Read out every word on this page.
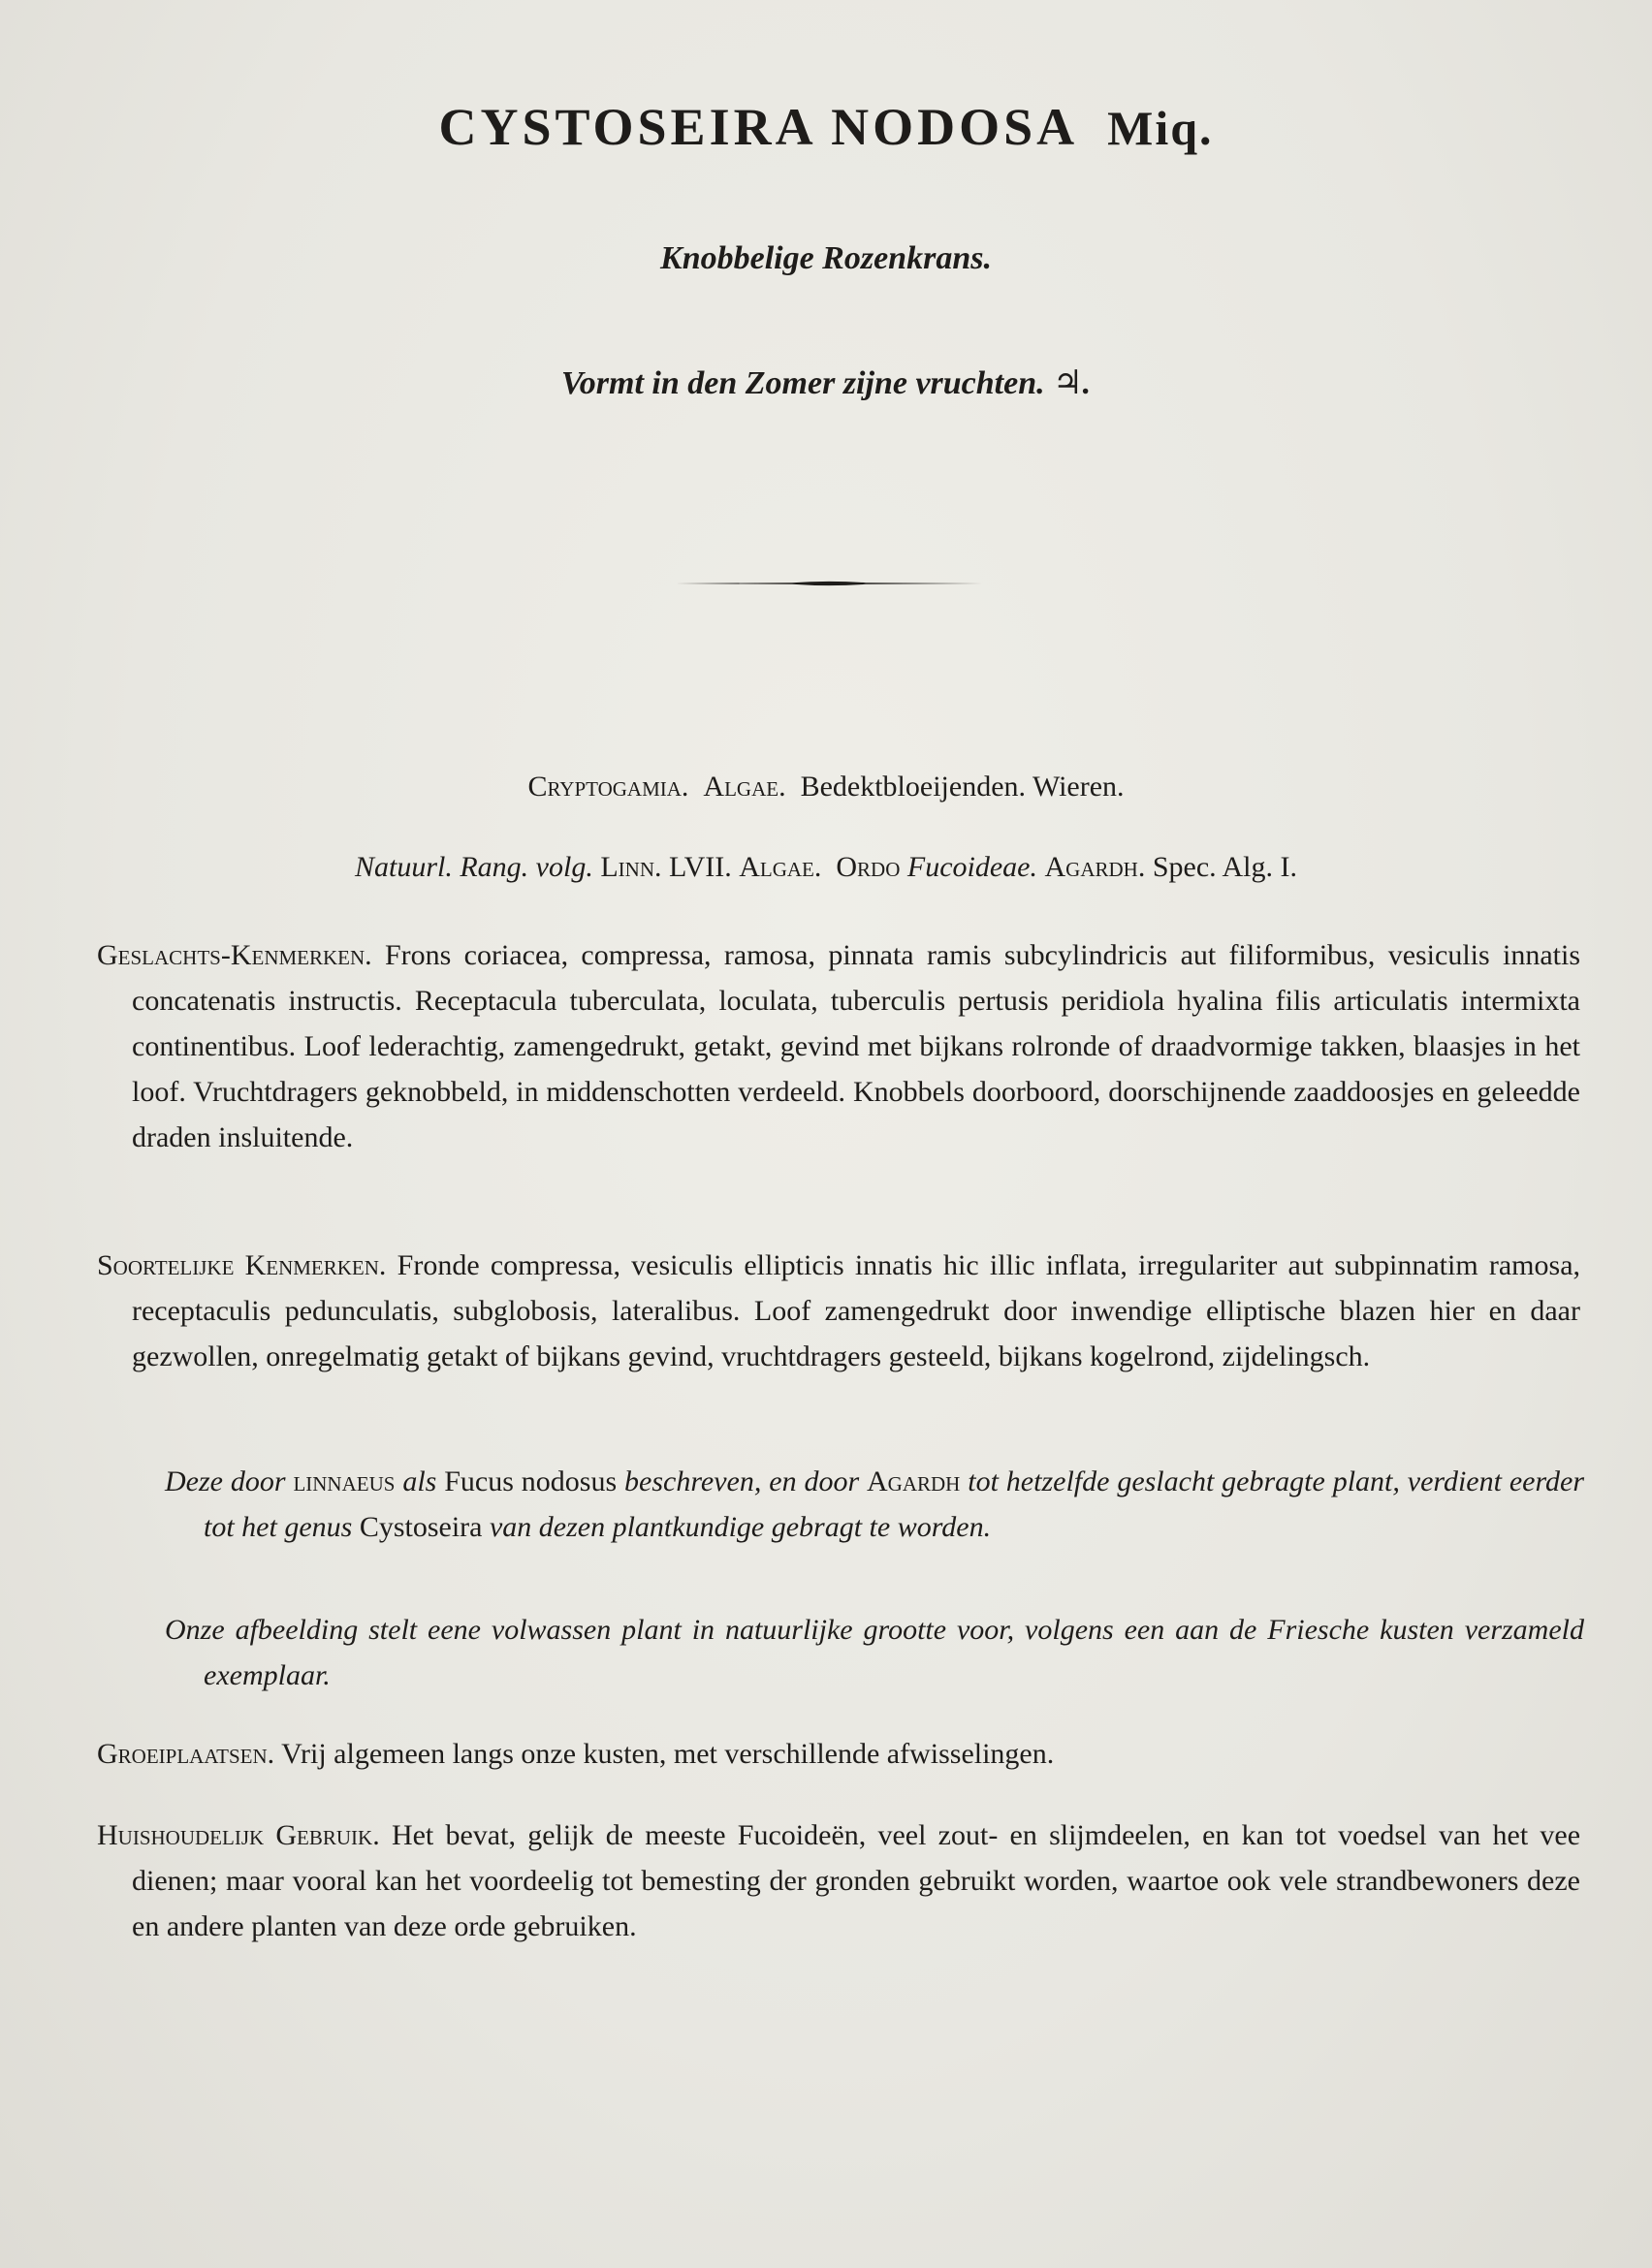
CYSTOSEIRA NODOSA Miq.
Knobbelige Rozenkrans.
Vormt in den Zomer zijne vruchten. ♃.
Cryptogamia. Algae. Bedektbloeijenden. Wieren.
Natuurl. Rang. volg. Linn. LVII. Algae. Ordo Fucoideae. Agardh. Spec. Alg. I.
Geslachts-Kenmerken. Frons coriacea, compressa, ramosa, pinnata ramis subcylindricis aut filiformibus, vesiculis innatis concatenatis instructis. Receptacula tuberculata, loculata, tuberculis pertusis peridiola hyalina filis articulatis intermixta continentibus. Loof lederachtig, zamengedrukt, getakt, gevind met bijkans rolronde of draadvormige takken, blaasjes in het loof. Vruchtdragers geknobbeld, in middenschotten verdeeld. Knobbels doorboord, doorschijnende zaaddoosjes en geleedde draden insluitende.
Soortelijke Kenmerken. Fronde compressa, vesiculis ellipticis innatis hic illic inflata, irregulariter aut subpinnatim ramosa, receptaculis pedunculatis, subglobosis, lateralibus. Loof zamengedrukt door inwendige elliptische blazen hier en daar gezwollen, onregelmatig getakt of bijkans gevind, vruchtdragers gesteeld, bijkans kogelrond, zijdelingsch.
Deze door linnaeus als Fucus nodosus beschreven, en door Agardh tot hetzelfde geslacht gebragte plant, verdient eerder tot het genus Cystoseira van dezen plantkundige gebragt te worden.
Onze afbeelding stelt eene volwassen plant in natuurlijke grootte voor, volgens een aan de Friesche kusten verzameld exemplaar.
Groeiplaatsen. Vrij algemeen langs onze kusten, met verschillende afwisselingen.
Huishoudelijk Gebruik. Het bevat, gelijk de meeste Fucoideën, veel zout- en slijmdeelen, en kan tot voedsel van het vee dienen; maar vooral kan het voordeelig tot bemesting der gronden gebruikt worden, waartoe ook vele strandbewoners deze en andere planten van deze orde gebruiken.
